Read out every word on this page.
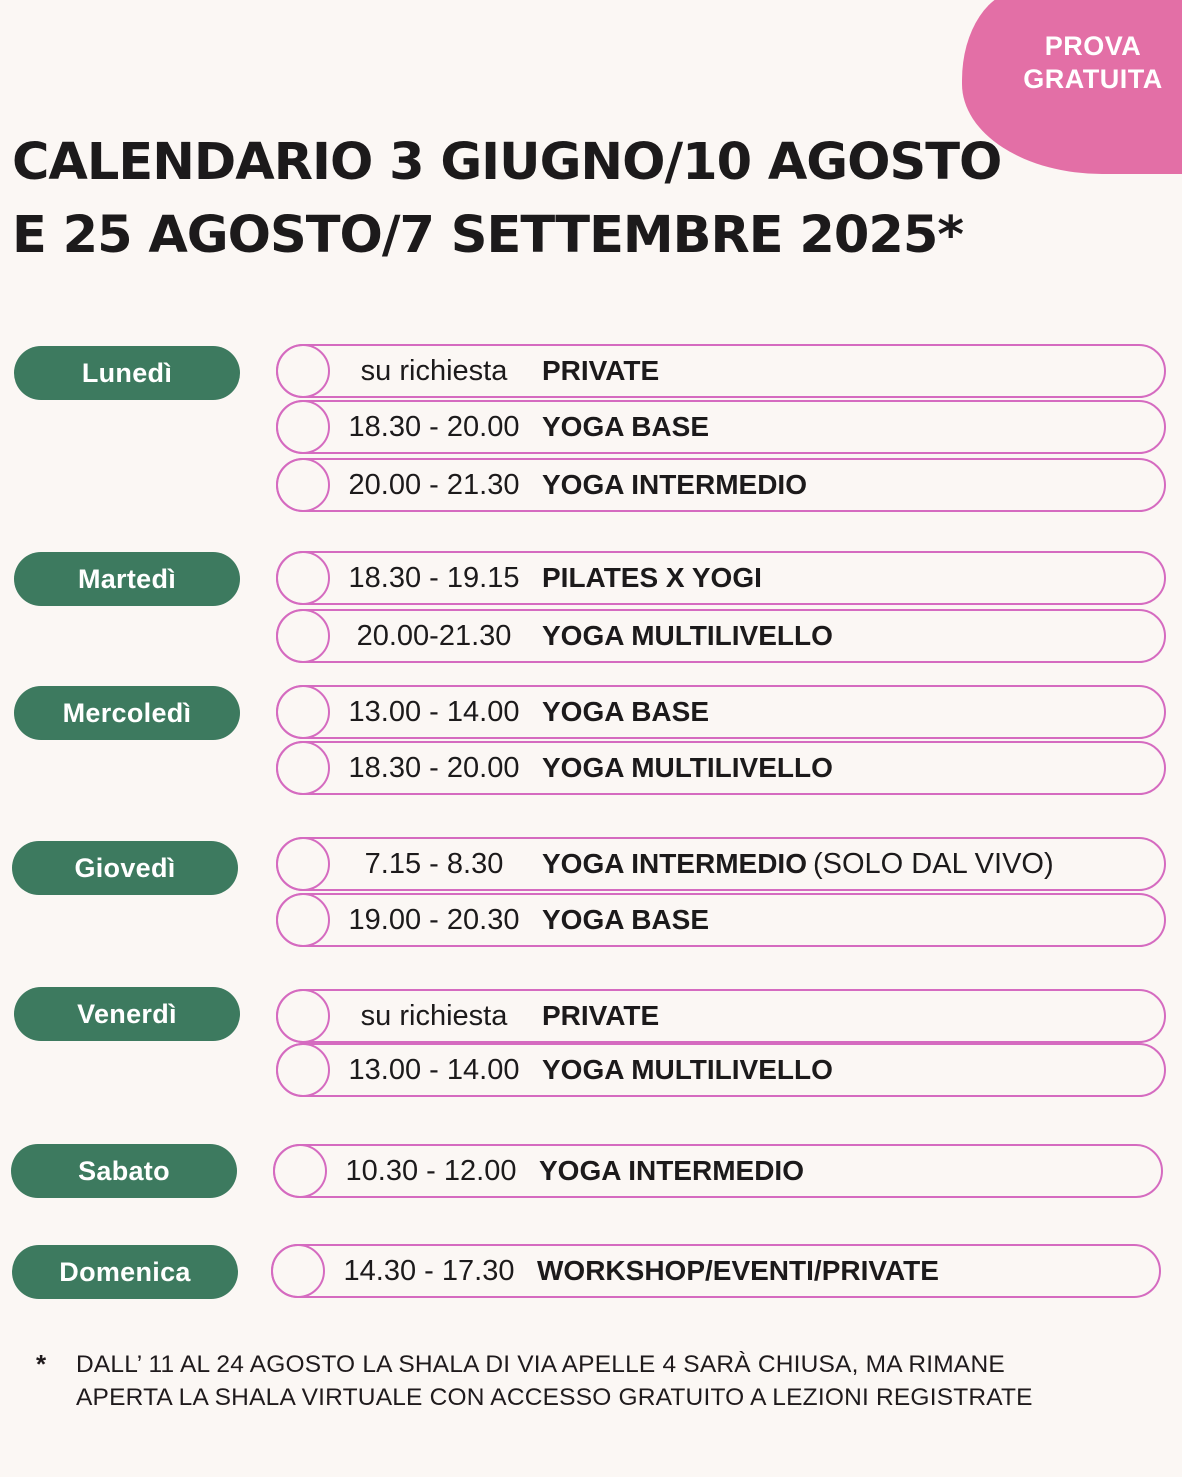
PROVA
GRATUITA
CALENDARIO 3 GIUGNO/10 AGOSTO
E 25 AGOSTO/7 SETTEMBRE 2025*
Lunedì	su richiesta	PRIVATE
18.30 - 20.00 YOGA BASE
20.00 - 21.30 YOGA INTERMEDIO
Martedì	18.30 - 19.15 PILATES X YOGI
20.00-21.30	YOGA MULTILIVELLO
Mercoledì	13.00 - 14.00 YOGA BASE
18.30 - 20.00 YOGA MULTILIVELLO
Giovedì	7.15 - 8.30	YOGA INTERMEDIO (SOLO DAL VIVO)
19.00 - 20.30 YOGA BASE
Venerdì	su richiesta	PRIVATE
13.00 - 14.00 YOGA MULTILIVELLO
Sabato	10.30 - 12.00 YOGA INTERMEDIO
Domenica	14.30 - 17.30 WORKSHOP/EVENTI/PRIVATE
* DALL’ 11 AL 24 AGOSTO LA SHALA DI VIA APELLE 4 SARÀ CHIUSA, MA RIMANE
APERTA LA SHALA VIRTUALE CON ACCESSO GRATUITO A LEZIONI REGISTRATE
